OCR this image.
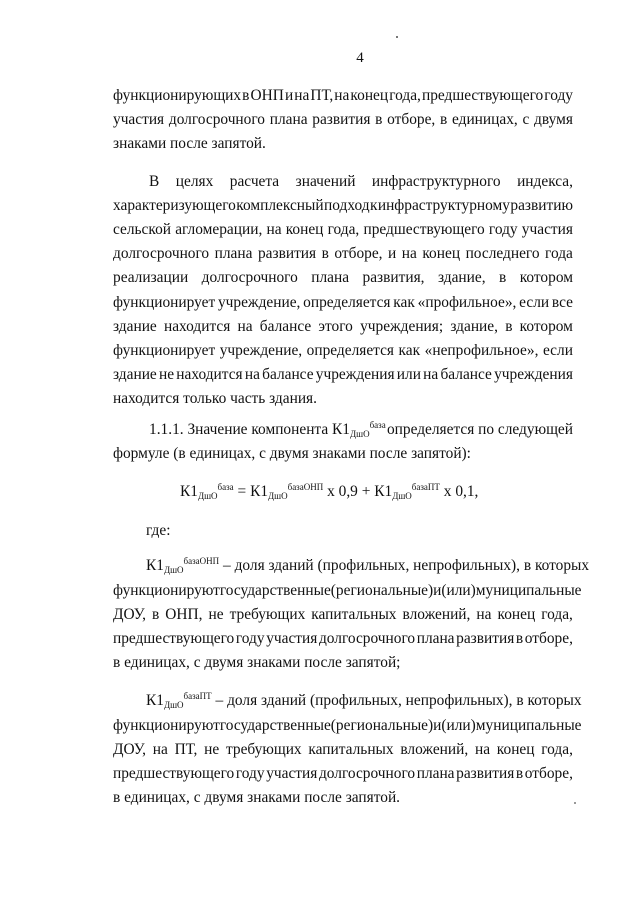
4
функционирующих в ОНП и на ПТ, на конец года, предшествующего году
участия долгосрочного плана развития в отборе, в единицах, с двумя
знаками после запятой.
В целях расчета значений инфраструктурного индекса,
характеризующего комплексный подход к инфраструктурному развитию
сельской агломерации, на конец года, предшествующего году участия
долгосрочного плана развития в отборе, и на конец последнего года
реализации долгосрочного плана развития, здание, в котором
функционирует учреждение, определяется как «профильное», если все
здание находится на балансе этого учреждения; здание, в котором
функционирует учреждение, определяется как «непрофильное», если
здание не находится на балансе учреждения или на балансе учреждения
находится только часть здания.
1.1.1. Значение компонента $К1_{ДшО}^{база}$ определяется по следующей
формуле (в единицах, с двумя знаками после запятой):
$К1_{ДшО}^{база} = К1_{ДшО}^{базаОНП}$ х $0,9 + К1_{ДшО}^{базаПТ}$ х 0,1,
где:
$К1_{ДшО}^{базаОНП}$ – доля зданий (профильных, непрофильных), в которых
функционируют государственные (региональные) и (или) муниципальные
ДОУ, в ОНП, не требующих капитальных вложений, на конец года,
предшествующего году участия долгосрочного плана развития в отборе,
в единицах, с двумя знаками после запятой;
$К1_{ДшО}^{базаПТ}$ – доля зданий (профильных, непрофильных), в которых
функционируют государственные (региональные) и (или) муниципальные
ДОУ, на ПТ, не требующих капитальных вложений, на конец года,
предшествующего году участия долгосрочного плана развития в отборе,
в единицах, с двумя знаками после запятой.
